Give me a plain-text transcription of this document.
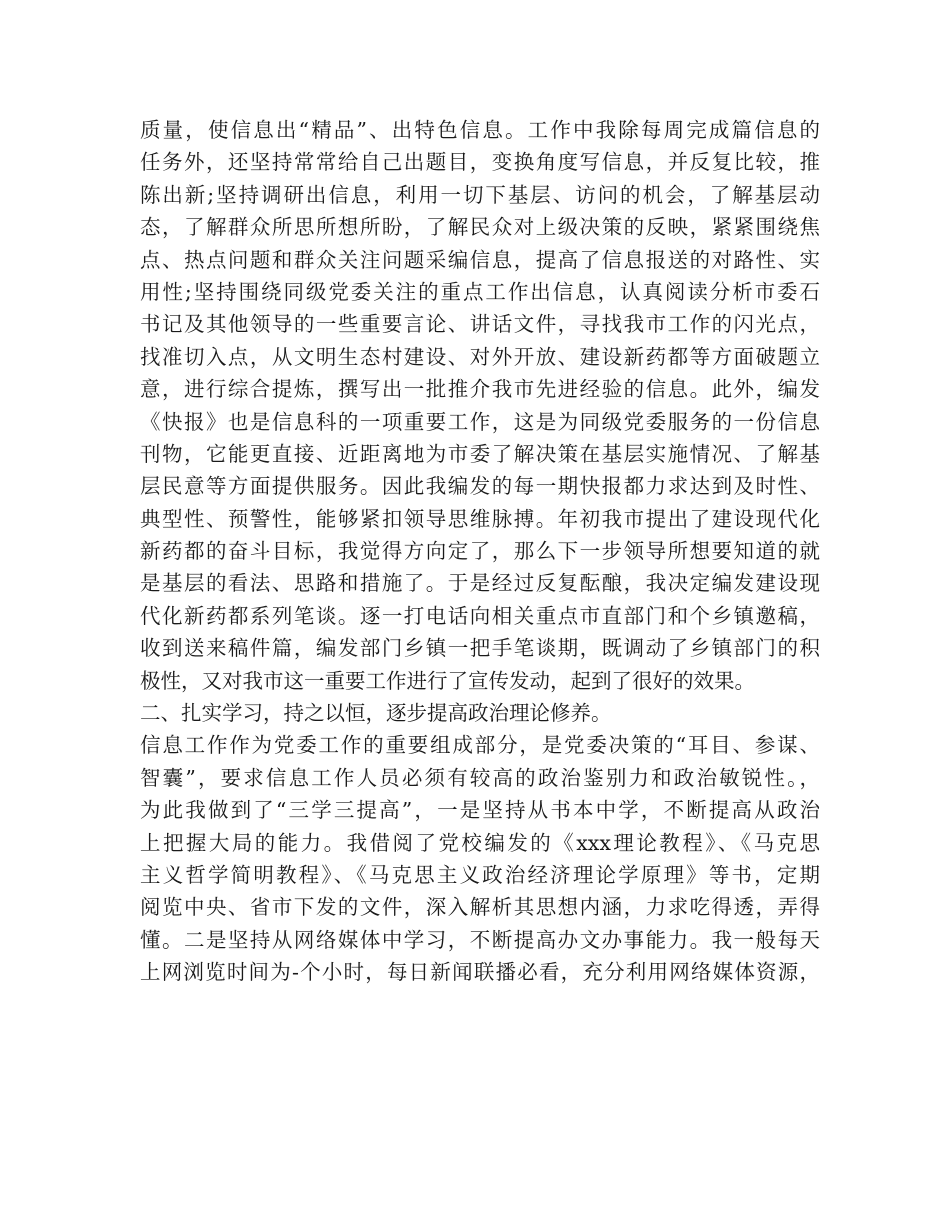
质量，使信息出“精品”、出特色信息。工作中我除每周完成篇信息的
任务外，还坚持常常给自己出题目，变换角度写信息，并反复比较，推
陈出新;坚持调研出信息，利用一切下基层、访问的机会，了解基层动
态，了解群众所思所想所盼，了解民众对上级决策的反映，紧紧围绕焦
点、热点问题和群众关注问题采编信息，提高了信息报送的对路性、实
用性;坚持围绕同级党委关注的重点工作出信息，认真阅读分析市委石
书记及其他领导的一些重要言论、讲话文件，寻找我市工作的闪光点，
找准切入点，从文明生态村建设、对外开放、建设新药都等方面破题立
意，进行综合提炼，撰写出一批推介我市先进经验的信息。此外，编发
《快报》也是信息科的一项重要工作，这是为同级党委服务的一份信息
刊物，它能更直接、近距离地为市委了解决策在基层实施情况、了解基
层民意等方面提供服务。因此我编发的每一期快报都力求达到及时性、
典型性、预警性，能够紧扣领导思维脉搏。年初我市提出了建设现代化
新药都的奋斗目标，我觉得方向定了，那么下一步领导所想要知道的就
是基层的看法、思路和措施了。于是经过反复酝酿，我决定编发建设现
代化新药都系列笔谈。逐一打电话向相关重点市直部门和个乡镇邀稿，
收到送来稿件篇，编发部门乡镇一把手笔谈期，既调动了乡镇部门的积
极性，又对我市这一重要工作进行了宣传发动，起到了很好的效果。
二、扎实学习，持之以恒，逐步提高政治理论修养。
信息工作作为党委工作的重要组成部分，是党委决策的“耳目、参谋、
智囊”，要求信息工作人员必须有较高的政治鉴别力和政治敏锐性。，
为此我做到了“三学三提高”，一是坚持从书本中学，不断提高从政治
上把握大局的能力。我借阅了党校编发的《xxx理论教程》、《马克思
主义哲学简明教程》、《马克思主义政治经济理论学原理》等书，定期
阅览中央、省市下发的文件，深入解析其思想内涵，力求吃得透，弄得
懂。二是坚持从网络媒体中学习，不断提高办文办事能力。我一般每天
上网浏览时间为-个小时，每日新闻联播必看，充分利用网络媒体资源，
